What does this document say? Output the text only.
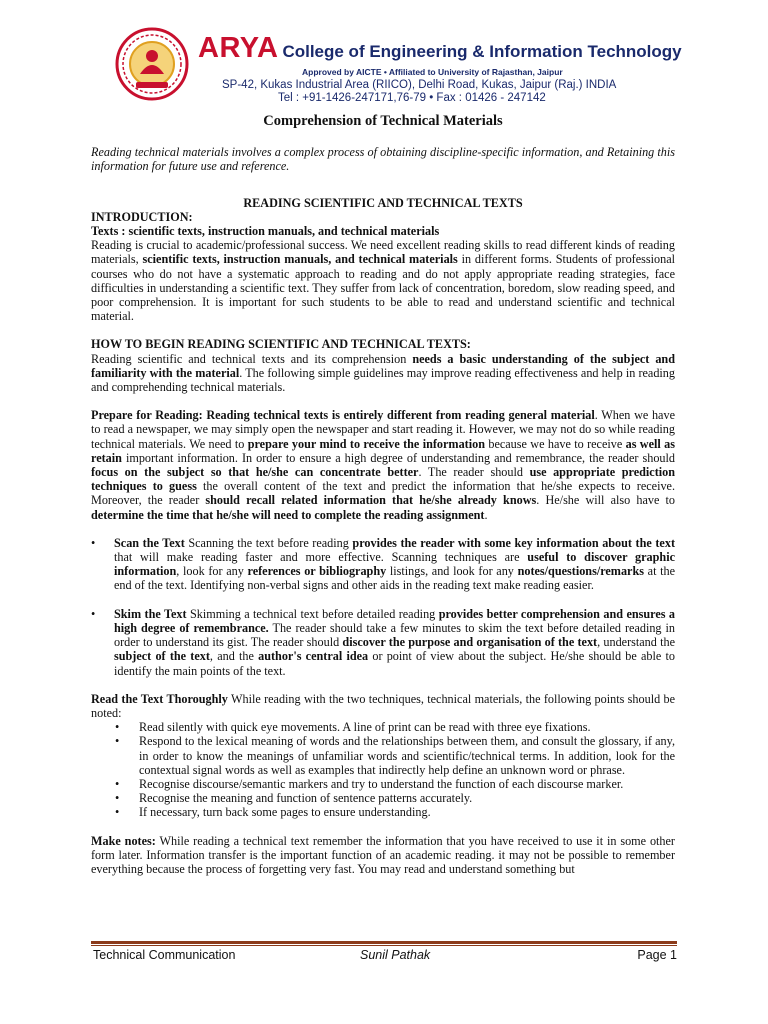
ARYA College of Engineering & Information Technology
Approved by AICTE • Affiliated to University of Rajasthan, Jaipur
SP-42, Kukas Industrial Area (RIICO), Delhi Road, Kukas, Jaipur (Raj.) INDIA
Tel : +91-1426-247171,76-79 • Fax : 01426 - 247142

Comprehension of Technical Materials

Reading technical materials involves a complex process of obtaining discipline-specific information, and Retaining this information for future use and reference.

READING SCIENTIFIC AND TECHNICAL TEXTS

INTRODUCTION:

Texts : scientific texts, instruction manuals, and technical materials

Reading is crucial to academic/professional success. We need excellent reading skills to read different kinds of reading materials, scientific texts, instruction manuals, and technical materials in different forms. Students of professional courses who do not have a systematic approach to reading and do not apply appropriate reading strategies, face difficulties in understanding a scientific text. They suffer from lack of concentration, boredom, slow reading speed, and poor comprehension. It is important for such students to be able to read and understand scientific and technical material.

HOW TO BEGIN READING SCIENTIFIC AND TECHNICAL TEXTS:

Reading scientific and technical texts and its comprehension needs a basic understanding of the subject and familiarity with the material. The following simple guidelines may improve reading effectiveness and help in reading and comprehending technical materials.

Prepare for Reading: Reading technical texts is entirely different from reading general material. When we have to read a newspaper, we may simply open the newspaper and start reading it. However, we may not do so while reading technical materials. We need to prepare your mind to receive the information because we have to receive as well as retain important information. In order to ensure a high degree of understanding and remembrance, the reader should focus on the subject so that he/she can concentrate better. The reader should use appropriate prediction techniques to guess the overall content of the text and predict the information that he/she expects to receive. Moreover, the reader should recall related information that he/she already knows. He/she will also have to determine the time that he/she will need to complete the reading assignment.

• Scan the Text Scanning the text before reading provides the reader with some key information about the text that will make reading faster and more effective. Scanning techniques are useful to discover graphic information, look for any references or bibliography listings, and look for any notes/questions/remarks at the end of the text. Identifying non-verbal signs and other aids in the reading text make reading easier.
• Skim the Text Skimming a technical text before detailed reading provides better comprehension and ensures a high degree of remembrance. The reader should take a few minutes to skim the text before detailed reading in order to understand its gist. The reader should discover the purpose and organisation of the text, understand the subject of the text, and the author's central idea or point of view about the subject. He/she should be able to identify the main points of the text.

Read the Text Thoroughly While reading with the two techniques, technical materials, the following points should be noted:

• Read silently with quick eye movements. A line of print can be read with three eye fixations.
• Respond to the lexical meaning of words and the relationships between them, and consult the glossary, if any, in order to know the meanings of unfamiliar words and scientific/technical terms. In addition, look for the contextual signal words as well as examples that indirectly help define an unknown word or phrase.
• Recognise discourse/semantic markers and try to understand the function of each discourse marker.
• Recognise the meaning and function of sentence patterns accurately.
• If necessary, turn back some pages to ensure understanding.

Make notes: While reading a technical text remember the information that you have received to use it in some other form later. Information transfer is the important function of an academic reading. it may not be possible to remember everything because the process of forgetting very fast. You may read and understand something but

Technical Communication	Sunil Pathak	Page 1
